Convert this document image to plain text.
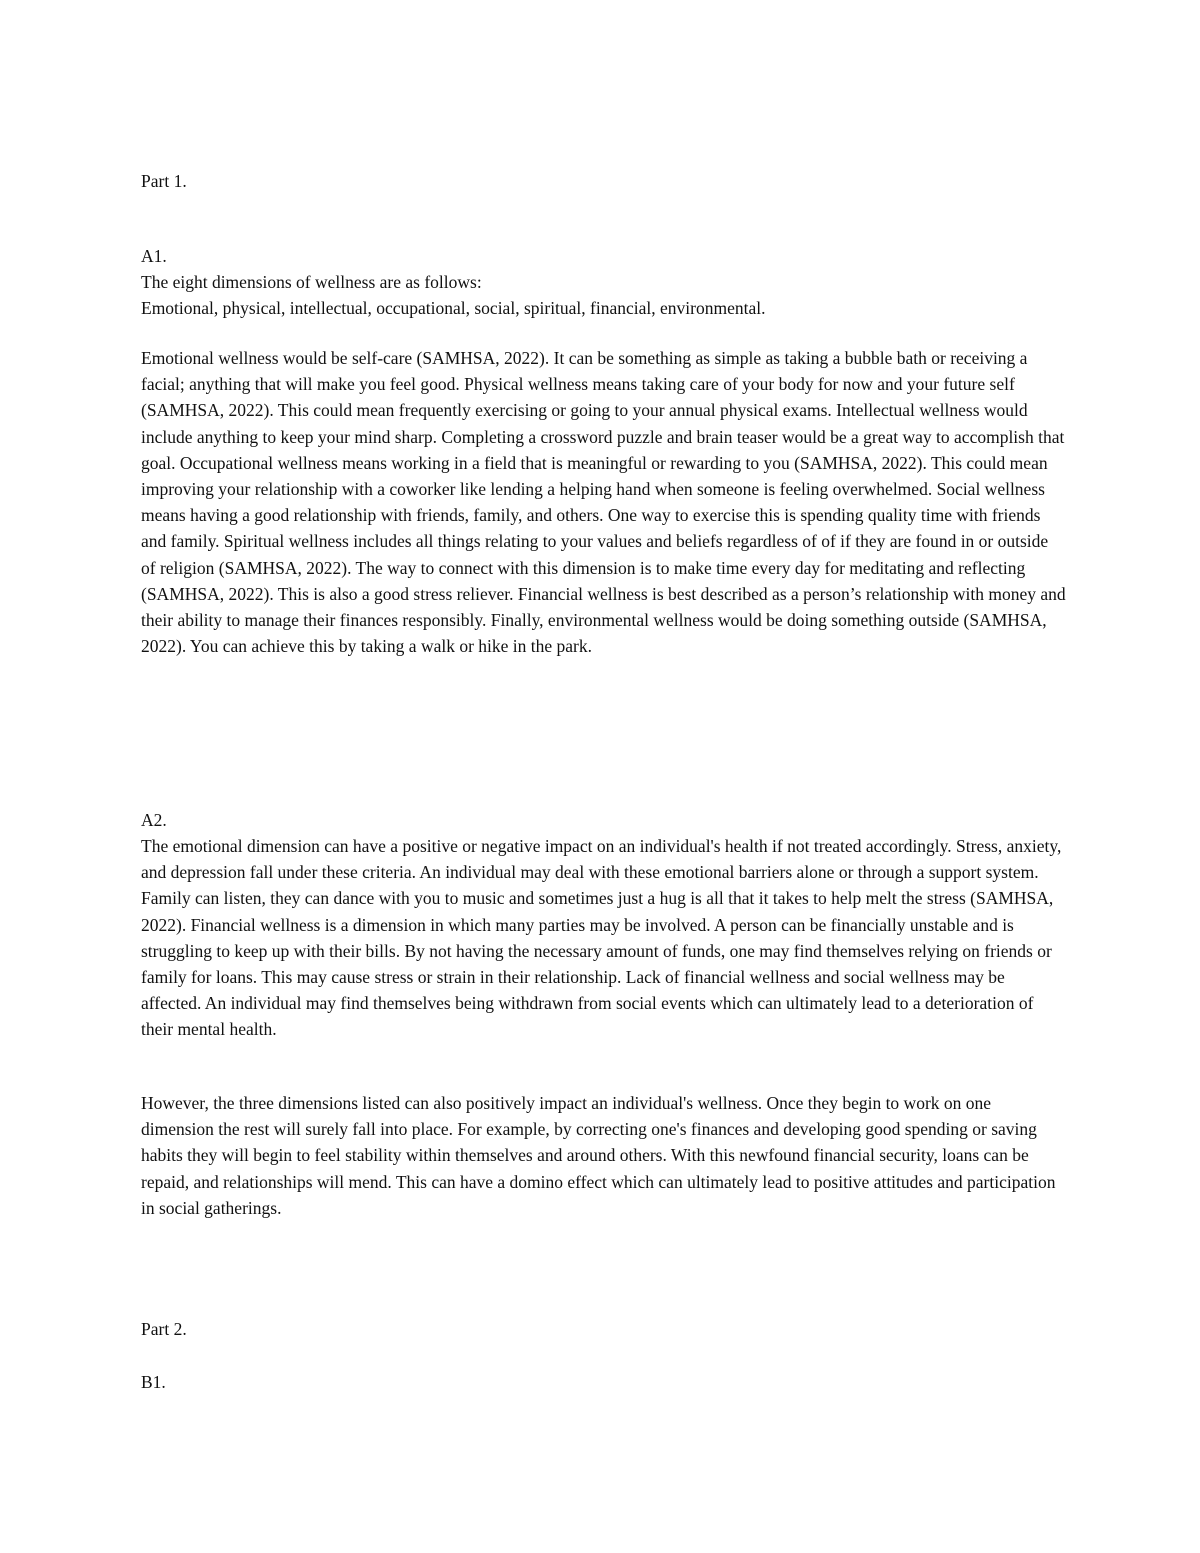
Part 1.

A1.

The eight dimensions of wellness are as follows:
Emotional, physical, intellectual, occupational, social, spiritual, financial, environmental.

Emotional wellness would be self-care (SAMHSA, 2022). It can be something as simple as taking a bubble bath or receiving a facial; anything that will make you feel good. Physical wellness means taking care of your body for now and your future self (SAMHSA, 2022). This could mean frequently exercising or going to your annual physical exams. Intellectual wellness would include anything to keep your mind sharp. Completing a crossword puzzle and brain teaser would be a great way to accomplish that goal. Occupational wellness means working in a field that is meaningful or rewarding to you (SAMHSA, 2022). This could mean improving your relationship with a coworker like lending a helping hand when someone is feeling overwhelmed. Social wellness means having a good relationship with friends, family, and others. One way to exercise this is spending quality time with friends and family. Spiritual wellness includes all things relating to your values and beliefs regardless of of if they are found in or outside of religion (SAMHSA, 2022). The way to connect with this dimension is to make time every day for meditating and reflecting (SAMHSA, 2022). This is also a good stress reliever. Financial wellness is best described as a person’s relationship with money and their ability to manage their finances responsibly. Finally, environmental wellness would be doing something outside (SAMHSA, 2022). You can achieve this by taking a walk or hike in the park.

A2.

The emotional dimension can have a positive or negative impact on an individual's health if not treated accordingly. Stress, anxiety, and depression fall under these criteria. An individual may deal with these emotional barriers alone or through a support system. Family can listen, they can dance with you to music and sometimes just a hug is all that it takes to help melt the stress (SAMHSA, 2022). Financial wellness is a dimension in which many parties may be involved. A person can be financially unstable and is struggling to keep up with their bills. By not having the necessary amount of funds, one may find themselves relying on friends or family for loans. This may cause stress or strain in their relationship. Lack of financial wellness and social wellness may be affected. An individual may find themselves being withdrawn from social events which can ultimately lead to a deterioration of their mental health.

However, the three dimensions listed can also positively impact an individual's wellness. Once they begin to work on one dimension the rest will surely fall into place. For example, by correcting one's finances and developing good spending or saving habits they will begin to feel stability within themselves and around others. With this newfound financial security, loans can be repaid, and relationships will mend. This can have a domino effect which can ultimately lead to positive attitudes and participation in social gatherings.

Part 2.

B1.
